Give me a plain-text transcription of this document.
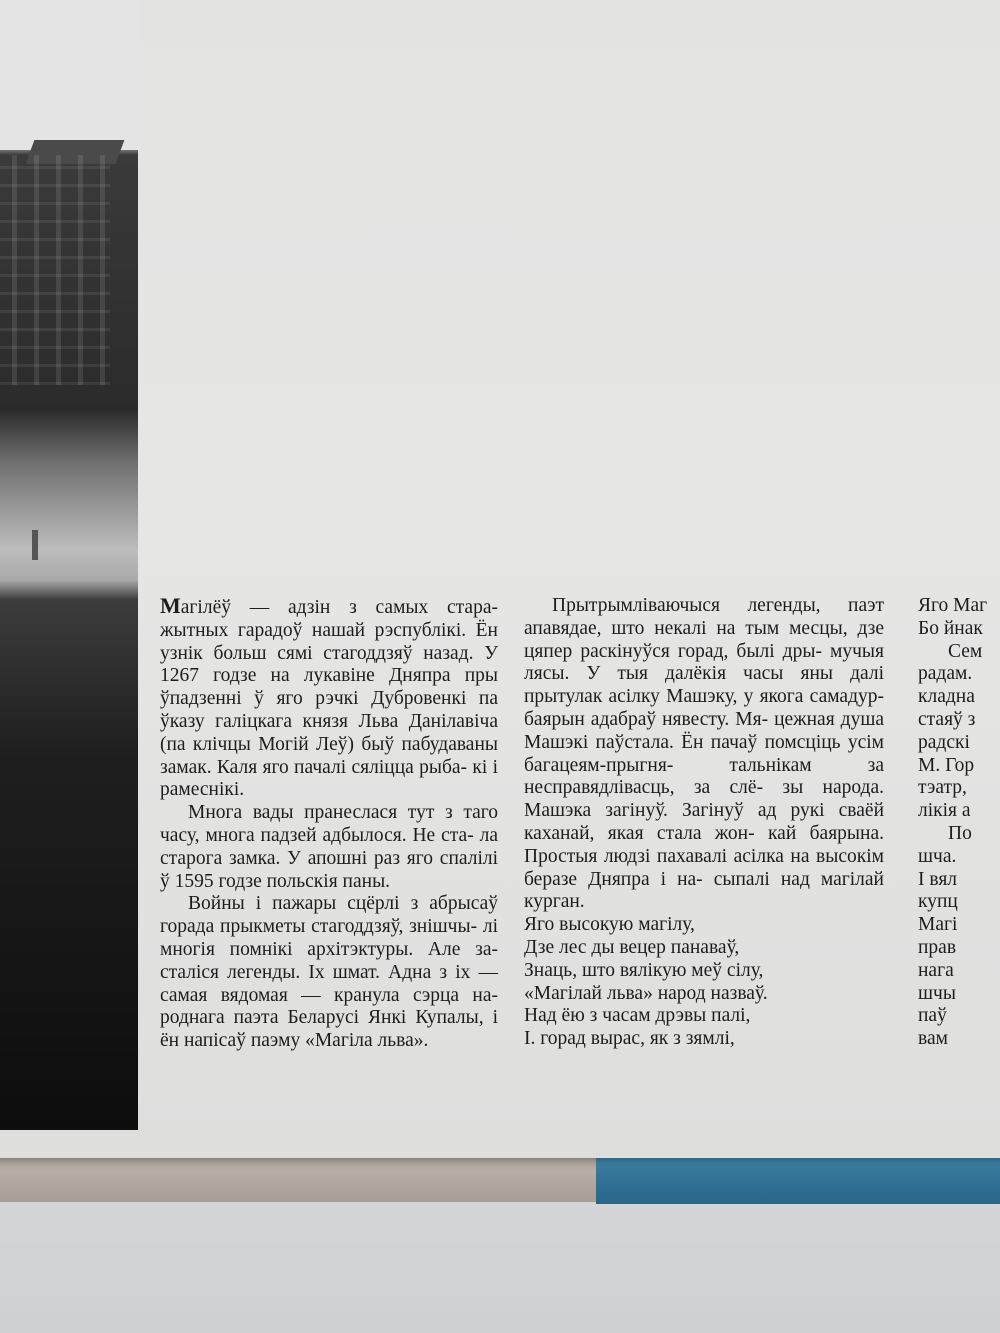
Магілёў — адзін з самых стара- жытных гарадоў нашай рэспублікі. Ён узнік больш сямі стагоддзяў назад. У 1267 годзе на лукавіне Дняпра пры ўпадзенні ў яго рэчкі Дубровенкі па ўказу галіцкага князя Льва Данілавіча (па клічцы Могій Леў) быў пабудаваны замак. Каля яго пачалі сяліцца рыба- кі і рамеснікі.

Многа вады пранеслася тут з таго часу, многа падзей адбылося. Не ста- ла старога замка. У апошні раз яго спалілі ў 1595 годзе польскія паны.

Войны і пажары сцёрлі з абрысаў горада прыкметы стагоддзяў, знішчы- лі многія помнікі архітэктуры. Але за- сталіся легенды. Іх шмат. Адна з іх — самая вядомая — кранула сэрца на- роднага паэта Беларусі Янкі Купалы, і ён напісаў паэму «Магіла льва».

Прытрымліваючыся легенды, паэт апавядае, што некалі на тым месцы, дзе цяпер раскінуўся горад, былі дры- мучыя лясы. У тыя далёкія часы яны далі прытулак асілку Машэку, у якога самадур-баярын адабраў нявесту. Мя- цежная душа Машэкі паўстала. Ён пачаў помсціць усім багацеям-прыгня-	тальнікам за несправядлівасць, за слё- зы народа. Машэка загінуў. Загінуў ад рукі сваёй каханай, якая стала жон- кай баярына. Простыя людзі пахавалі асілка на высокім беразе Дняпра і на- сыпалі над магілай курган.

Яго высокую магілу,

Дзе лес ды вецер панаваў,

Знаць, што вялікую меў сілу,

«Магілай льва» народ назваў.

Над ёю з часам дрэвы палі,

І. горад вырас, як з зямлі,

Яго Маг

Бо йнак

Сем

радам.

кладна

стаяў з

радскі

М. Гор

тэатр,

лікія а

По

шча.

І вял

купц

Магі

прав

нага

шчы

паў

вам
